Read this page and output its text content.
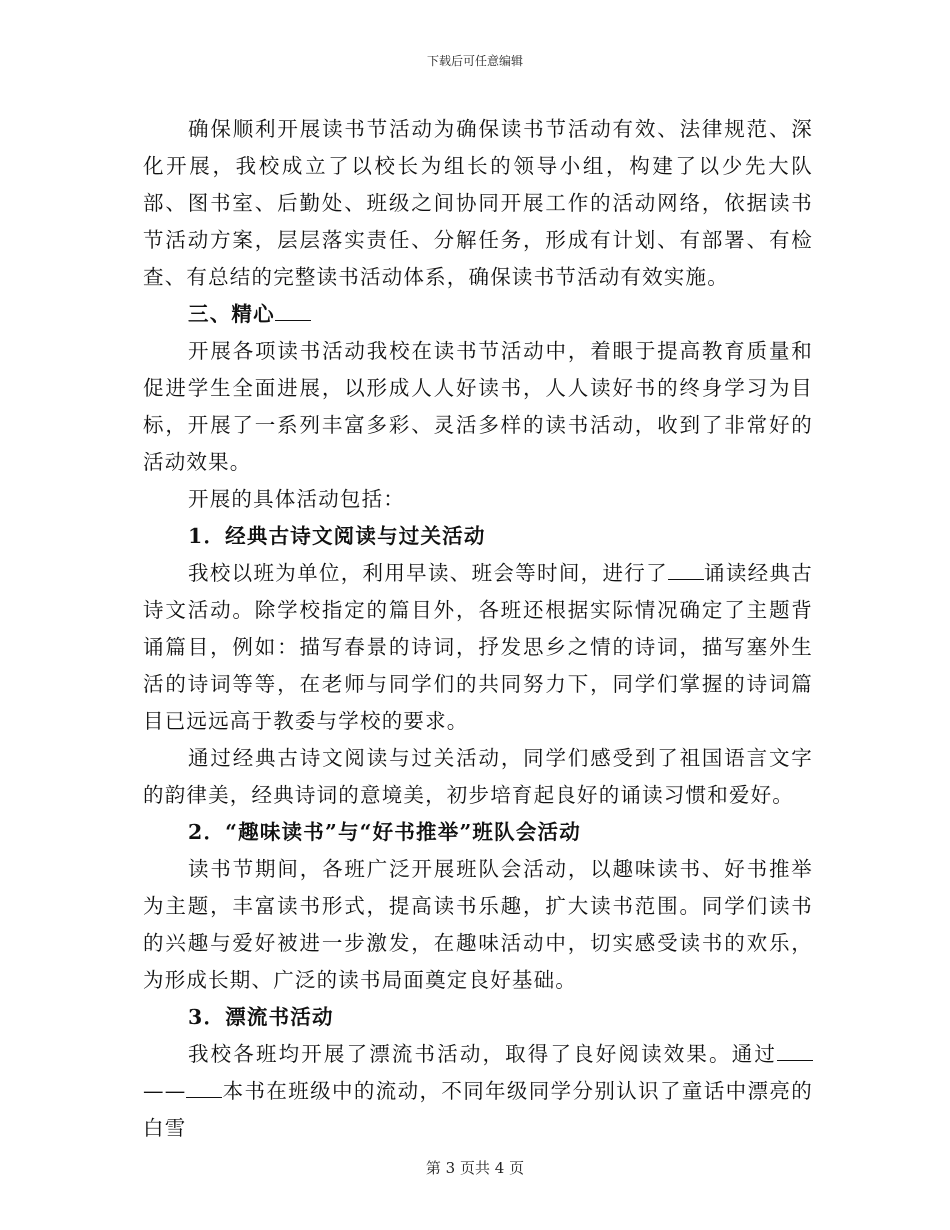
下载后可任意编辑

确保顺利开展读书节活动为确保读书节活动有效、法律规范、深化开展，我校成立了以校长为组长的领导小组，构建了以少先大队部、图书室、后勤处、班级之间协同开展工作的活动网络，依据读书节活动方案，层层落实责任、分解任务，形成有计划、有部署、有检查、有总结的完整读书活动体系，确保读书节活动有效实施。

三、精心

开展各项读书活动我校在读书节活动中，着眼于提高教育质量和促进学生全面进展，以形成人人好读书，人人读好书的终身学习为目标，开展了一系列丰富多彩、灵活多样的读书活动，收到了非常好的活动效果。

开展的具体活动包括：

1．经典古诗文阅读与过关活动

我校以班为单位，利用早读、班会等时间，进行了 诵读经典古诗文活动。除学校指定的篇目外，各班还根据实际情况确定了主题背诵篇目，例如：描写春景的诗词，抒发思乡之情的诗词，描写塞外生活的诗词等等，在老师与同学们的共同努力下，同学们掌握的诗词篇目已远远高于教委与学校的要求。

通过经典古诗文阅读与过关活动，同学们感受到了祖国语言文字的韵律美，经典诗词的意境美，初步培育起良好的诵读习惯和爱好。

2．“趣味读书”与“好书推举”班队会活动

读书节期间，各班广泛开展班队会活动，以趣味读书、好书推举为主题，丰富读书形式，提高读书乐趣，扩大读书范围。同学们读书的兴趣与爱好被进一步激发，在趣味活动中，切实感受读书的欢乐，为形成长期、广泛的读书局面奠定良好基础。

3．漂流书活动

我校各班均开展了漂流书活动，取得了良好阅读效果。通过—— 本书在班级中的流动，不同年级同学分别认识了童话中漂亮的白雪

第 3 页共 4 页
